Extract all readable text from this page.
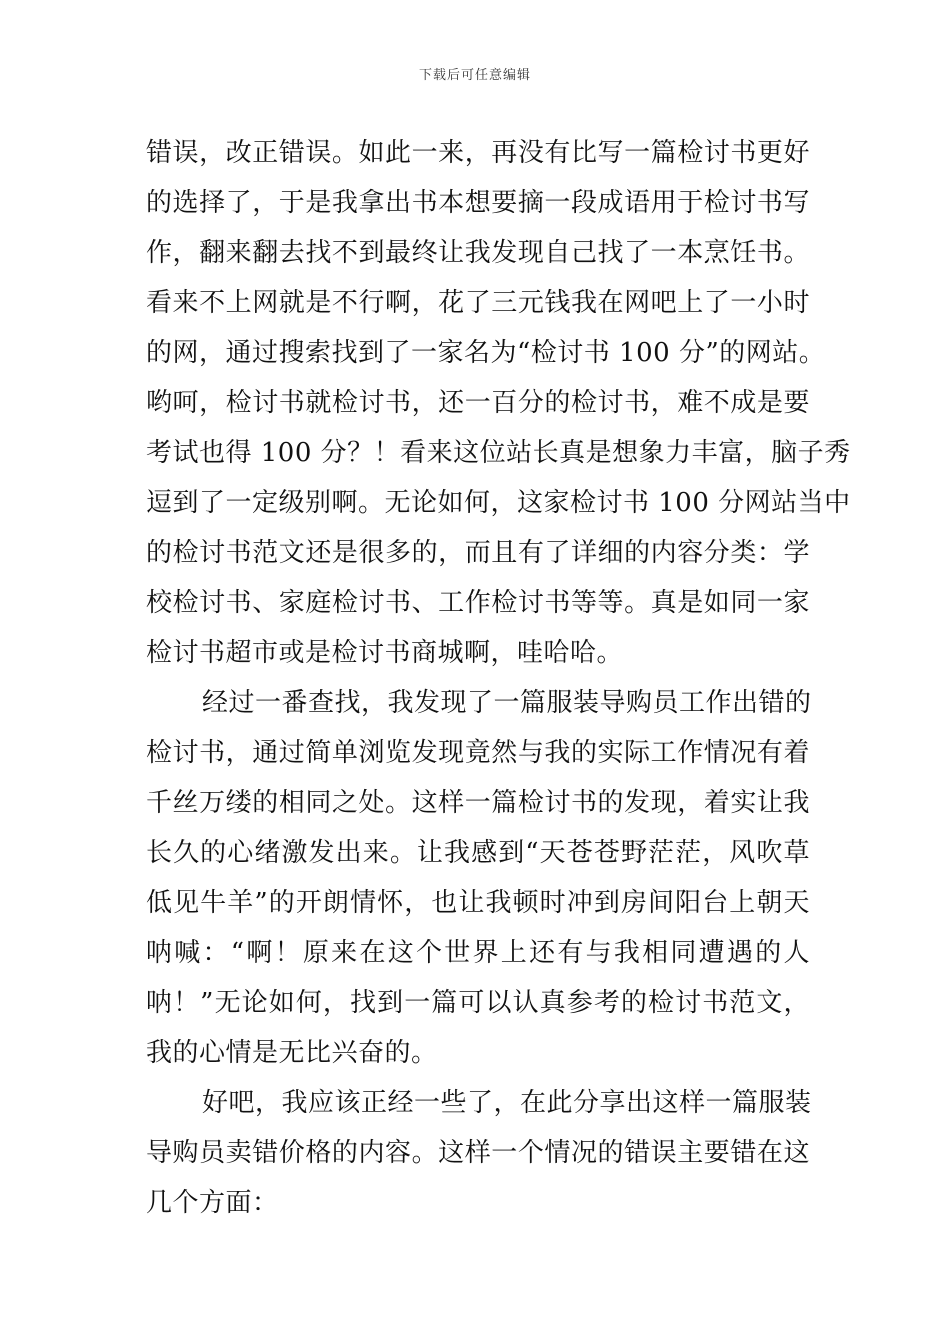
下载后可任意编辑
错误，改正错误。如此一来，再没有比写一篇检讨书更好
的选择了，于是我拿出书本想要摘一段成语用于检讨书写
作，翻来翻去找不到最终让我发现自己找了一本烹饪书。
看来不上网就是不行啊，花了三元钱我在网吧上了一小时
的网，通过搜索找到了一家名为“检讨书 100 分”的网站。
哟呵，检讨书就检讨书，还一百分的检讨书，难不成是要
考试也得 100 分？！看来这位站长真是想象力丰富，脑子秀
逗到了一定级别啊。无论如何，这家检讨书 100 分网站当中
的检讨书范文还是很多的，而且有了详细的内容分类：学
校检讨书、家庭检讨书、工作检讨书等等。真是如同一家
检讨书超市或是检讨书商城啊，哇哈哈。
经过一番查找，我发现了一篇服装导购员工作出错的
检讨书，通过简单浏览发现竟然与我的实际工作情况有着
千丝万缕的相同之处。这样一篇检讨书的发现，着实让我
长久的心绪激发出来。让我感到“天苍苍野茫茫，风吹草
低见牛羊”的开朗情怀，也让我顿时冲到房间阳台上朝天
呐喊：“啊！原来在这个世界上还有与我相同遭遇的人
呐！”无论如何，找到一篇可以认真参考的检讨书范文，
我的心情是无比兴奋的。
好吧，我应该正经一些了，在此分享出这样一篇服装
导购员卖错价格的内容。这样一个情况的错误主要错在这
几个方面：
